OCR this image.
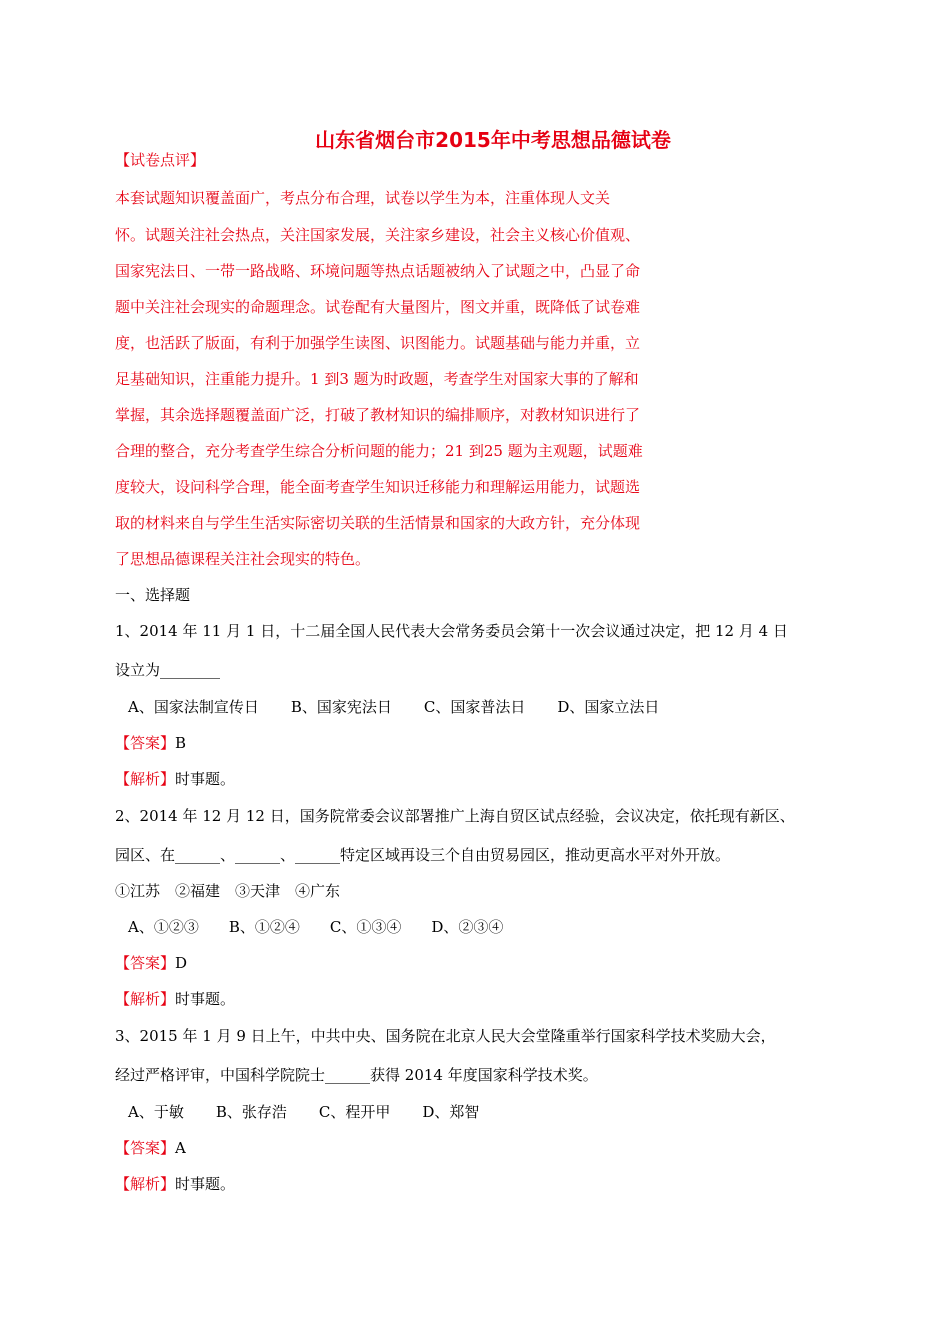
山东省烟台市2015年中考思想品德试卷
【试卷点评】
本套试题知识覆盖面广，考点分布合理，试卷以学生为本，注重体现人文关
怀。试题关注社会热点，关注国家发展，关注家乡建设，社会主义核心价值观、
国家宪法日、一带一路战略、环境问题等热点话题被纳入了试题之中，凸显了命
题中关注社会现实的命题理念。试卷配有大量图片，图文并重，既降低了试卷难
度，也活跃了版面，有利于加强学生读图、识图能力。试题基础与能力并重，立
足基础知识，注重能力提升。1 到3 题为时政题，考查学生对国家大事的了解和
掌握，其余选择题覆盖面广泛，打破了教材知识的编排顺序，对教材知识进行了
合理的整合，充分考查学生综合分析问题的能力；21 到25 题为主观题，试题难
度较大，设问科学合理，能全面考查学生知识迁移能力和理解运用能力，试题选
取的材料来自与学生生活实际密切关联的生活情景和国家的大政方针，充分体现
了思想品德课程关注社会现实的特色。
一、选择题
1、2014 年 11 月 1 日，十二届全国人民代表大会常务委员会第十一次会议通过决定，把 12 月 4 日
设立为________
A、国家法制宣传日 B、国家宪法日 C、国家普法日 D、国家立法日
【答案】B
【解析】时事题。
2、2014 年 12 月 12 日，国务院常委会议部署推广上海自贸区试点经验，会议决定，依托现有新区、
园区、在______、______、______特定区域再设三个自由贸易园区，推动更高水平对外开放。
①江苏　②福建　③天津　④广东
A、①②③ B、①②④ C、①③④ D、②③④
【答案】D
【解析】时事题。
3、2015 年 1 月 9 日上午，中共中央、国务院在北京人民大会堂隆重举行国家科学技术奖励大会，
经过严格评审，中国科学院院士______获得 2014 年度国家科学技术奖。
A、于敏 B、张存浩 C、程开甲 D、郑智
【答案】A
【解析】时事题。
